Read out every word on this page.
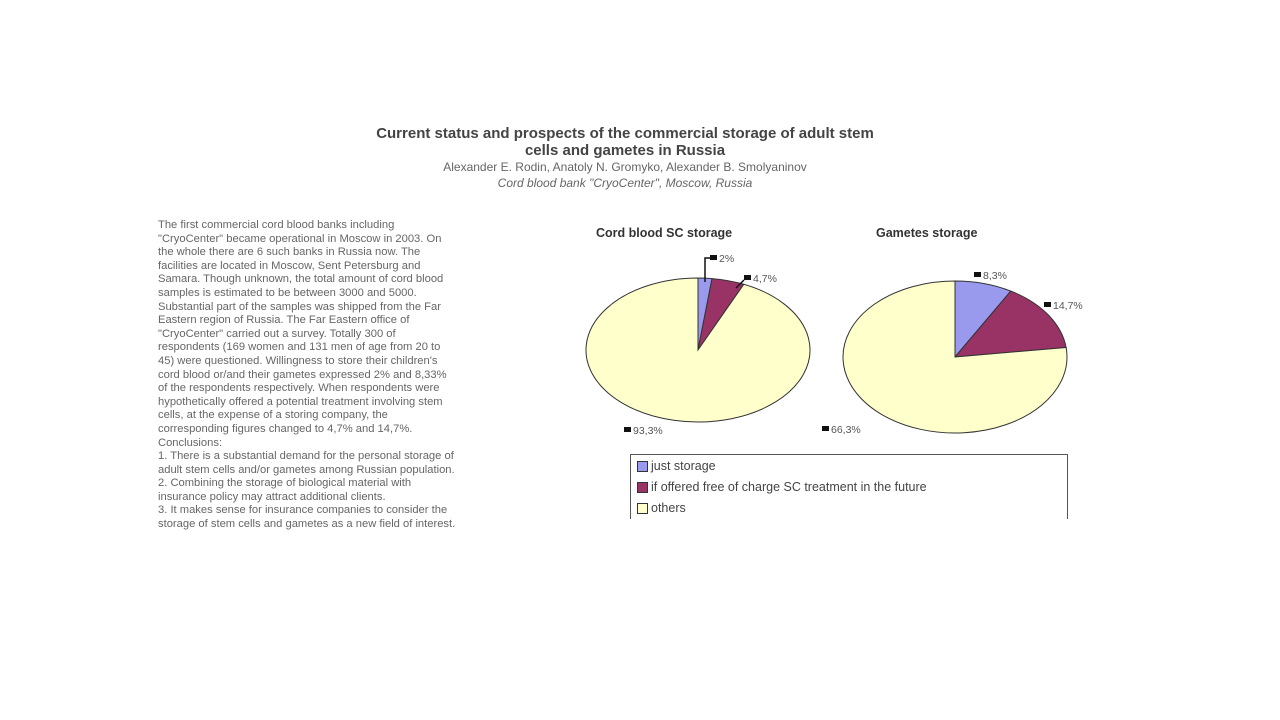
Current status and prospects of the commercial storage of adult stem
cells and gametes in Russia
Alexander E. Rodin, Anatoly N. Gromyko, Alexander B. Smolyaninov
Cord blood bank "CryoCenter", Moscow, Russia

The first commercial cord blood banks including

"CryoCenter" became operational in Moscow in 2003. On

the whole there are 6 such banks in Russia now. The

facilities are located in Moscow, Sent Petersburg and

Samara. Though unknown, the total amount of cord blood

samples is estimated to be between 3000 and 5000.

Substantial part of the samples was shipped from the Far

Eastern region of Russia. The Far Eastern office of

"CryoCenter" carried out a survey. Totally 300 of

respondents (169 women and 131 men of age from 20 to

45) were questioned. Willingness to store their children's

cord blood or/and their gametes expressed 2% and 8,33%

of the respondents respectively. When respondents were

hypothetically offered a potential treatment involving stem

cells, at the expense of a storing company, the

corresponding figures changed to 4,7% and 14,7%.

Conclusions:

1. There is a substantial demand for the personal storage of

adult stem cells and/or gametes among Russian population.

2. Combining the storage of biological material with

insurance policy may attract additional clients.

3. It makes sense for insurance companies to consider the

storage of stem cells and gametes as a new field of interest.

Cord blood SC storage	Gametes storage
2%
4,7%
93,3%
8,3%
14,7%
66,3%
just storage
if offered free of charge SC treatment in the future
others
